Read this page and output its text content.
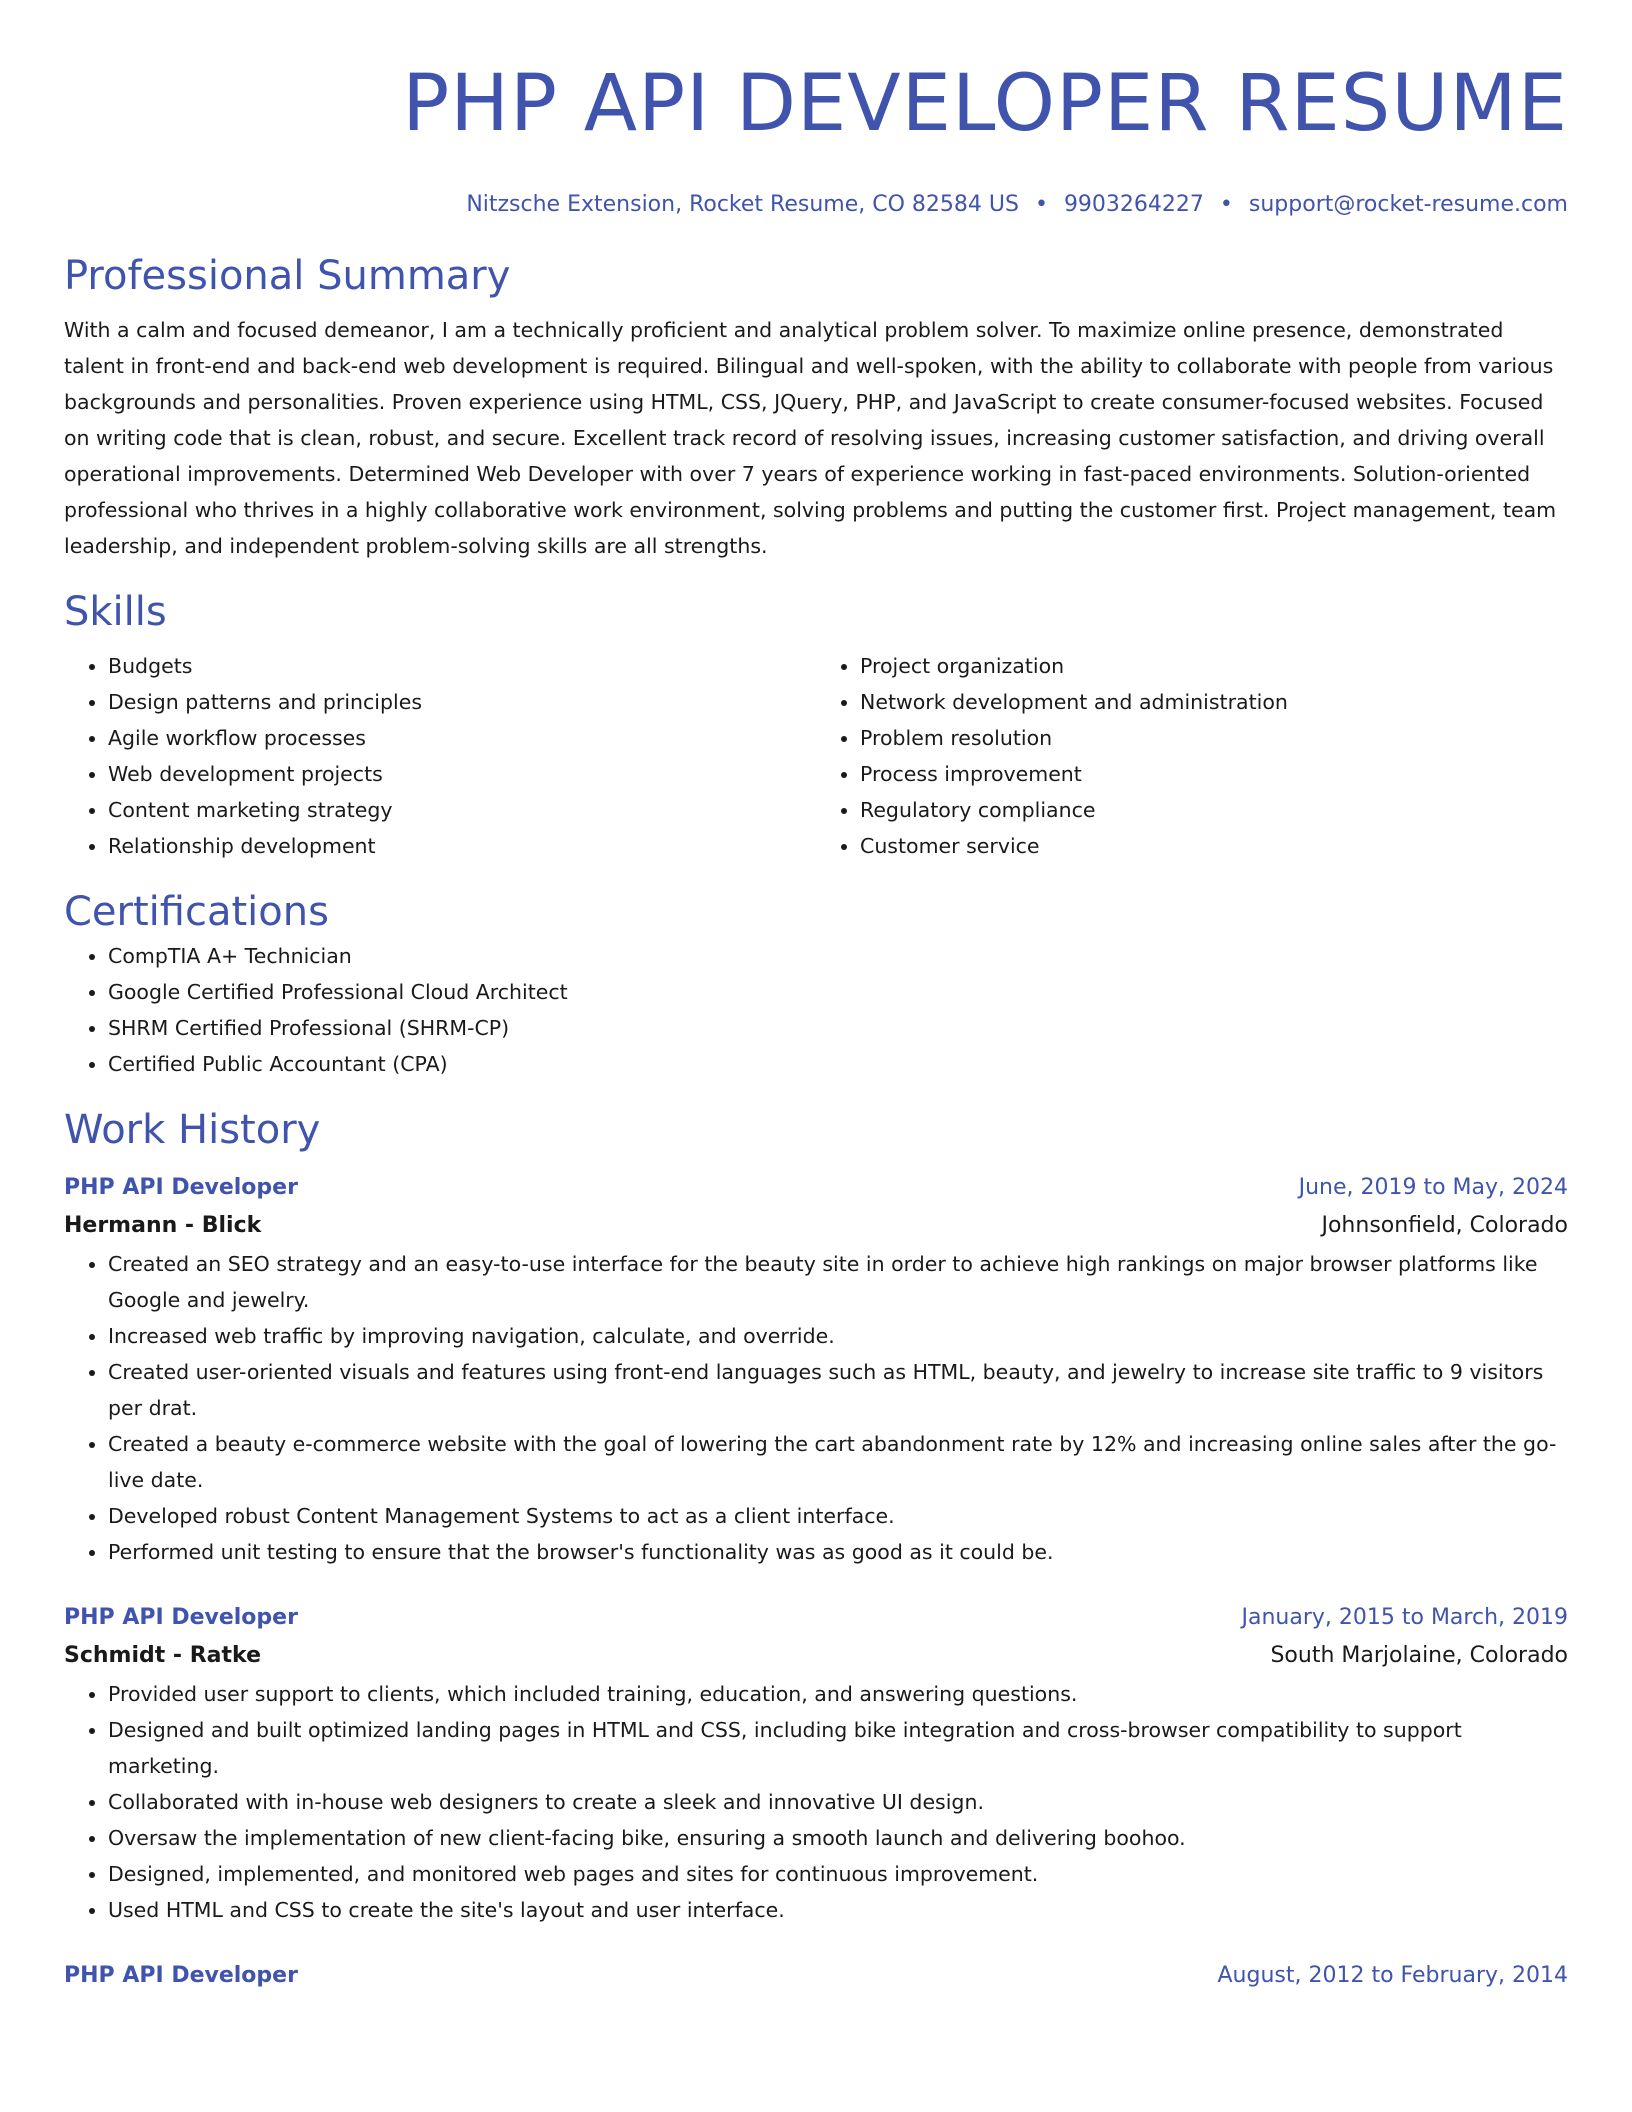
PHP API DEVELOPER RESUME
Nitzsche Extension, Rocket Resume, CO 82584 US • 9903264227 • support@rocket-resume.com
Professional Summary

With a calm and focused demeanor, I am a technically proficient and analytical problem solver. To maximize online presence, demonstrated talent in front-end and back-end web development is required. Bilingual and well-spoken, with the ability to collaborate with people from various backgrounds and personalities. Proven experience using HTML, CSS, JQuery, PHP, and JavaScript to create consumer-focused websites. Focused on writing code that is clean, robust, and secure. Excellent track record of resolving issues, increasing customer satisfaction, and driving overall operational improvements. Determined Web Developer with over 7 years of experience working in fast-paced environments. Solution-oriented professional who thrives in a highly collaborative work environment, solving problems and putting the customer first. Project management, team leadership, and independent problem-solving skills are all strengths.

Skills
• Budgets
• Design patterns and principles
• Agile workflow processes
• Web development projects
• Content marketing strategy
• Relationship development
• Project organization
• Network development and administration
• Problem resolution
• Process improvement
• Regulatory compliance
• Customer service
Certifications
• CompTIA A+ Technician
• Google Certified Professional Cloud Architect
• SHRM Certified Professional (SHRM-CP)
• Certified Public Accountant (CPA)
Work History
PHP API Developer	June, 2019 to May, 2024
Hermann - Blick	Johnsonfield, Colorado
• Created an SEO strategy and an easy-to-use interface for the beauty site in order to achieve high rankings on major browser platforms like Google and jewelry.
• Increased web traffic by improving navigation, calculate, and override.
• Created user-oriented visuals and features using front-end languages such as HTML, beauty, and jewelry to increase site traffic to 9 visitors per drat.
• Created a beauty e-commerce website with the goal of lowering the cart abandonment rate by 12% and increasing online sales after the go-live date.
• Developed robust Content Management Systems to act as a client interface.
• Performed unit testing to ensure that the browser's functionality was as good as it could be.
PHP API Developer	January, 2015 to March, 2019
Schmidt - Ratke	South Marjolaine, Colorado
• Provided user support to clients, which included training, education, and answering questions.
• Designed and built optimized landing pages in HTML and CSS, including bike integration and cross-browser compatibility to support marketing.
• Collaborated with in-house web designers to create a sleek and innovative UI design.
• Oversaw the implementation of new client-facing bike, ensuring a smooth launch and delivering boohoo.
• Designed, implemented, and monitored web pages and sites for continuous improvement.
• Used HTML and CSS to create the site's layout and user interface.
PHP API Developer	August, 2012 to February, 2014
